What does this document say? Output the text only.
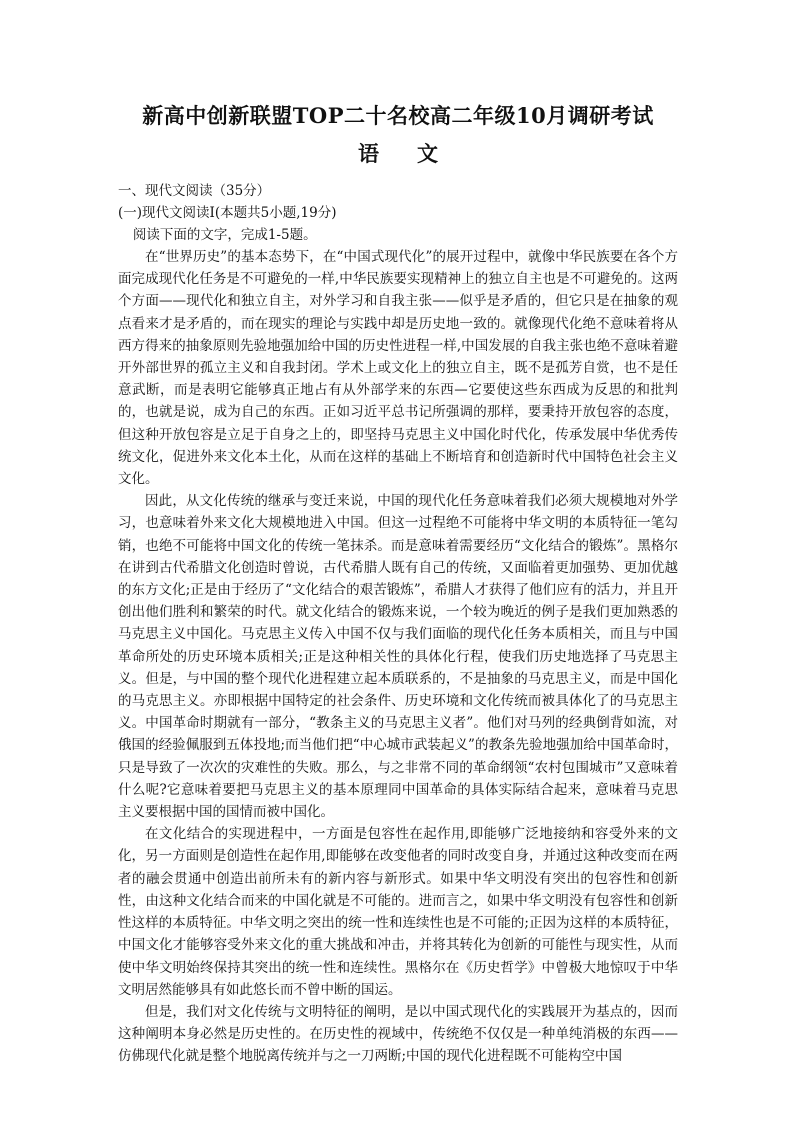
新高中创新联盟TOP二十名校高二年级10月调研考试
语文

一、现代文阅读（35分）

(一)现代文阅读Ⅰ(本题共5小题,19分)

阅读下面的文字，完成1-5题。

在“世界历史”的基本态势下，在“中国式现代化”的展开过程中，就像中华民族要在各个方面完成现代化任务是不可避免的一样,中华民族要实现精神上的独立自主也是不可避免的。这两个方面——现代化和独立自主，对外学习和自我主张——似乎是矛盾的，但它只是在抽象的观点看来才是矛盾的，而在现实的理论与实践中却是历史地一致的。就像现代化绝不意味着将从西方得来的抽象原则先验地强加给中国的历史性进程一样,中国发展的自我主张也绝不意味着避开外部世界的孤立主义和自我封闭。学术上或文化上的独立自主，既不是孤芳自赏，也不是任意武断，而是表明它能够真正地占有从外部学来的东西—它要使这些东西成为反思的和批判的，也就是说，成为自己的东西。正如习近平总书记所强调的那样，要秉持开放包容的态度，但这种开放包容是立足于自身之上的，即坚持马克思主义中国化时代化，传承发展中华优秀传统文化，促进外来文化本土化，从而在这样的基础上不断培育和创造新时代中国特色社会主义文化。

因此，从文化传统的继承与变迁来说，中国的现代化任务意味着我们必须大规模地对外学习，也意味着外来文化大规模地进入中国。但这一过程绝不可能将中华文明的本质特征一笔勾销，也绝不可能将中国文化的传统一笔抹杀。而是意味着需要经历“文化结合的锻炼”。黑格尔在讲到古代希腊文化创造时曾说，古代希腊人既有自己的传统，又面临着更加强势、更加优越的东方文化;正是由于经历了“文化结合的艰苦锻炼”，希腊人才获得了他们应有的活力，并且开创出他们胜利和繁荣的时代。就文化结合的锻炼来说，一个较为晚近的例子是我们更加熟悉的马克思主义中国化。马克思主义传入中国不仅与我们面临的现代化任务本质相关，而且与中国革命所处的历史环境本质相关;正是这种相关性的具体化行程，使我们历史地选择了马克思主义。但是，与中国的整个现代化进程建立起本质联系的，不是抽象的马克思主义，而是中国化的马克思主义。亦即根据中国特定的社会条件、历史环境和文化传统而被具体化了的马克思主义。中国革命时期就有一部分，“教条主义的马克思主义者”。他们对马列的经典倒背如流，对俄国的经验佩服到五体投地;而当他们把“中心城市武装起义”的教条先验地强加给中国革命时，只是导致了一次次的灾难性的失败。那么，与之非常不同的革命纲领“农村包围城市”又意味着什么呢?它意味着要把马克思主义的基本原理同中国革命的具体实际结合起来，意味着马克思主义要根据中国的国情而被中国化。

在文化结合的实现进程中，一方面是包容性在起作用,即能够广泛地接纳和容受外来的文化，另一方面则是创造性在起作用,即能够在改变他者的同时改变自身，并通过这种改变而在两者的融会贯通中创造出前所未有的新内容与新形式。如果中华文明没有突出的包容性和创新性，由这种文化结合而来的中国化就是不可能的。进而言之，如果中华文明没有包容性和创新性这样的本质特征。中华文明之突出的统一性和连续性也是不可能的;正因为这样的本质特征，中国文化才能够容受外来文化的重大挑战和冲击，并将其转化为创新的可能性与现实性，从而使中华文明始终保持其突出的统一性和连续性。黑格尔在《历史哲学》中曾极大地惊叹于中华文明居然能够具有如此悠长而不曾中断的国运。

但是，我们对文化传统与文明特征的阐明，是以中国式现代化的实践展开为基点的，因而这种阐明本身必然是历史性的。在历史性的视域中，传统绝不仅仅是一种单纯消极的东西——仿佛现代化就是整个地脱离传统并与之一刀两断;中国的现代化进程既不可能构空中国
